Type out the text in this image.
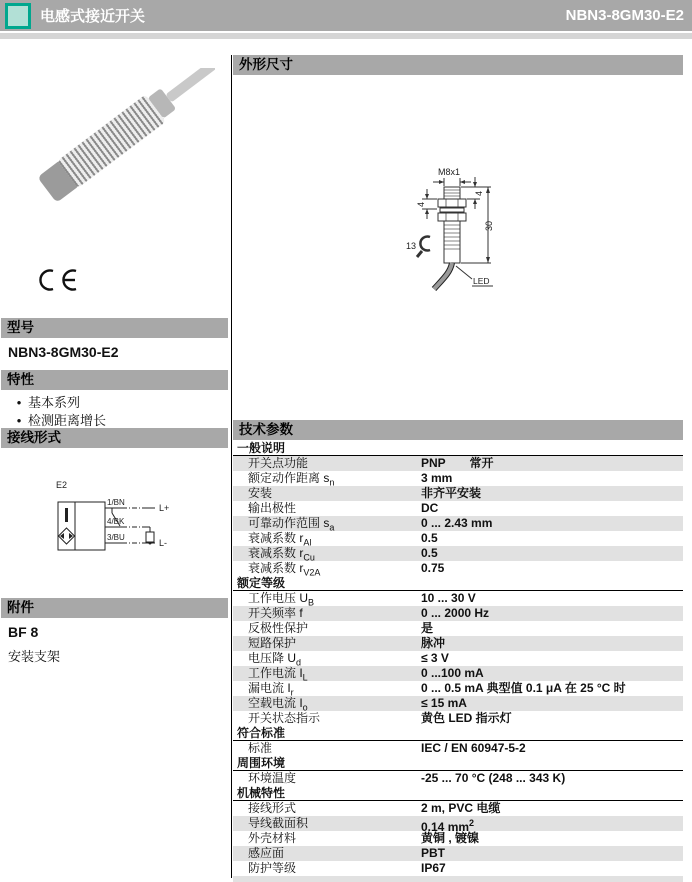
电感式接近开关	NBN3-8GM30-E2
型号
NBN3-8GM30-E2
特性
• 基本系列
• 检测距离增长
接线形式
E2
1/BN
L+
4/BK
3/BU
L-
附件
BF 8
安装支架
外形尺寸
M8x1
4
4
30
13
LED
技术参数
一般说明
开关点功能	PNP　　常开
额定动作距离 $s_n$	3 mm
安装	非齐平安装
输出极性	DC
可靠动作范围 $s_a$	0 ... 2.43 mm
衰减系数 $r_{Al}$	0.5
衰减系数 $r_{Cu}$	0.5
衰减系数 $r_{V2A}$	0.75
额定等级
工作电压 $U_B$	10 ... 30 V
开关频率 f	0 ... 2000 Hz
反极性保护	是
短路保护	脉冲
电压降 $U_d$	≤ 3 V
工作电流 $I_L$	0 ...100 mA
漏电流 $I_r$	0 ... 0.5 mA 典型值 0.1 μA 在 25 °C 时
空载电流 $I_o$	≤ 15 mA
开关状态指示	黄色 LED 指示灯
符合标准
标准	IEC / EN 60947-5-2
周围环境
环境温度	-25 ... 70 °C (248 ... 343 K)
机械特性
接线形式	2 m, PVC 电缆
导线截面积	0.14 $mm^2$
外壳材料	黄铜 , 镀镍
感应面	PBT
防护等级	IP67
